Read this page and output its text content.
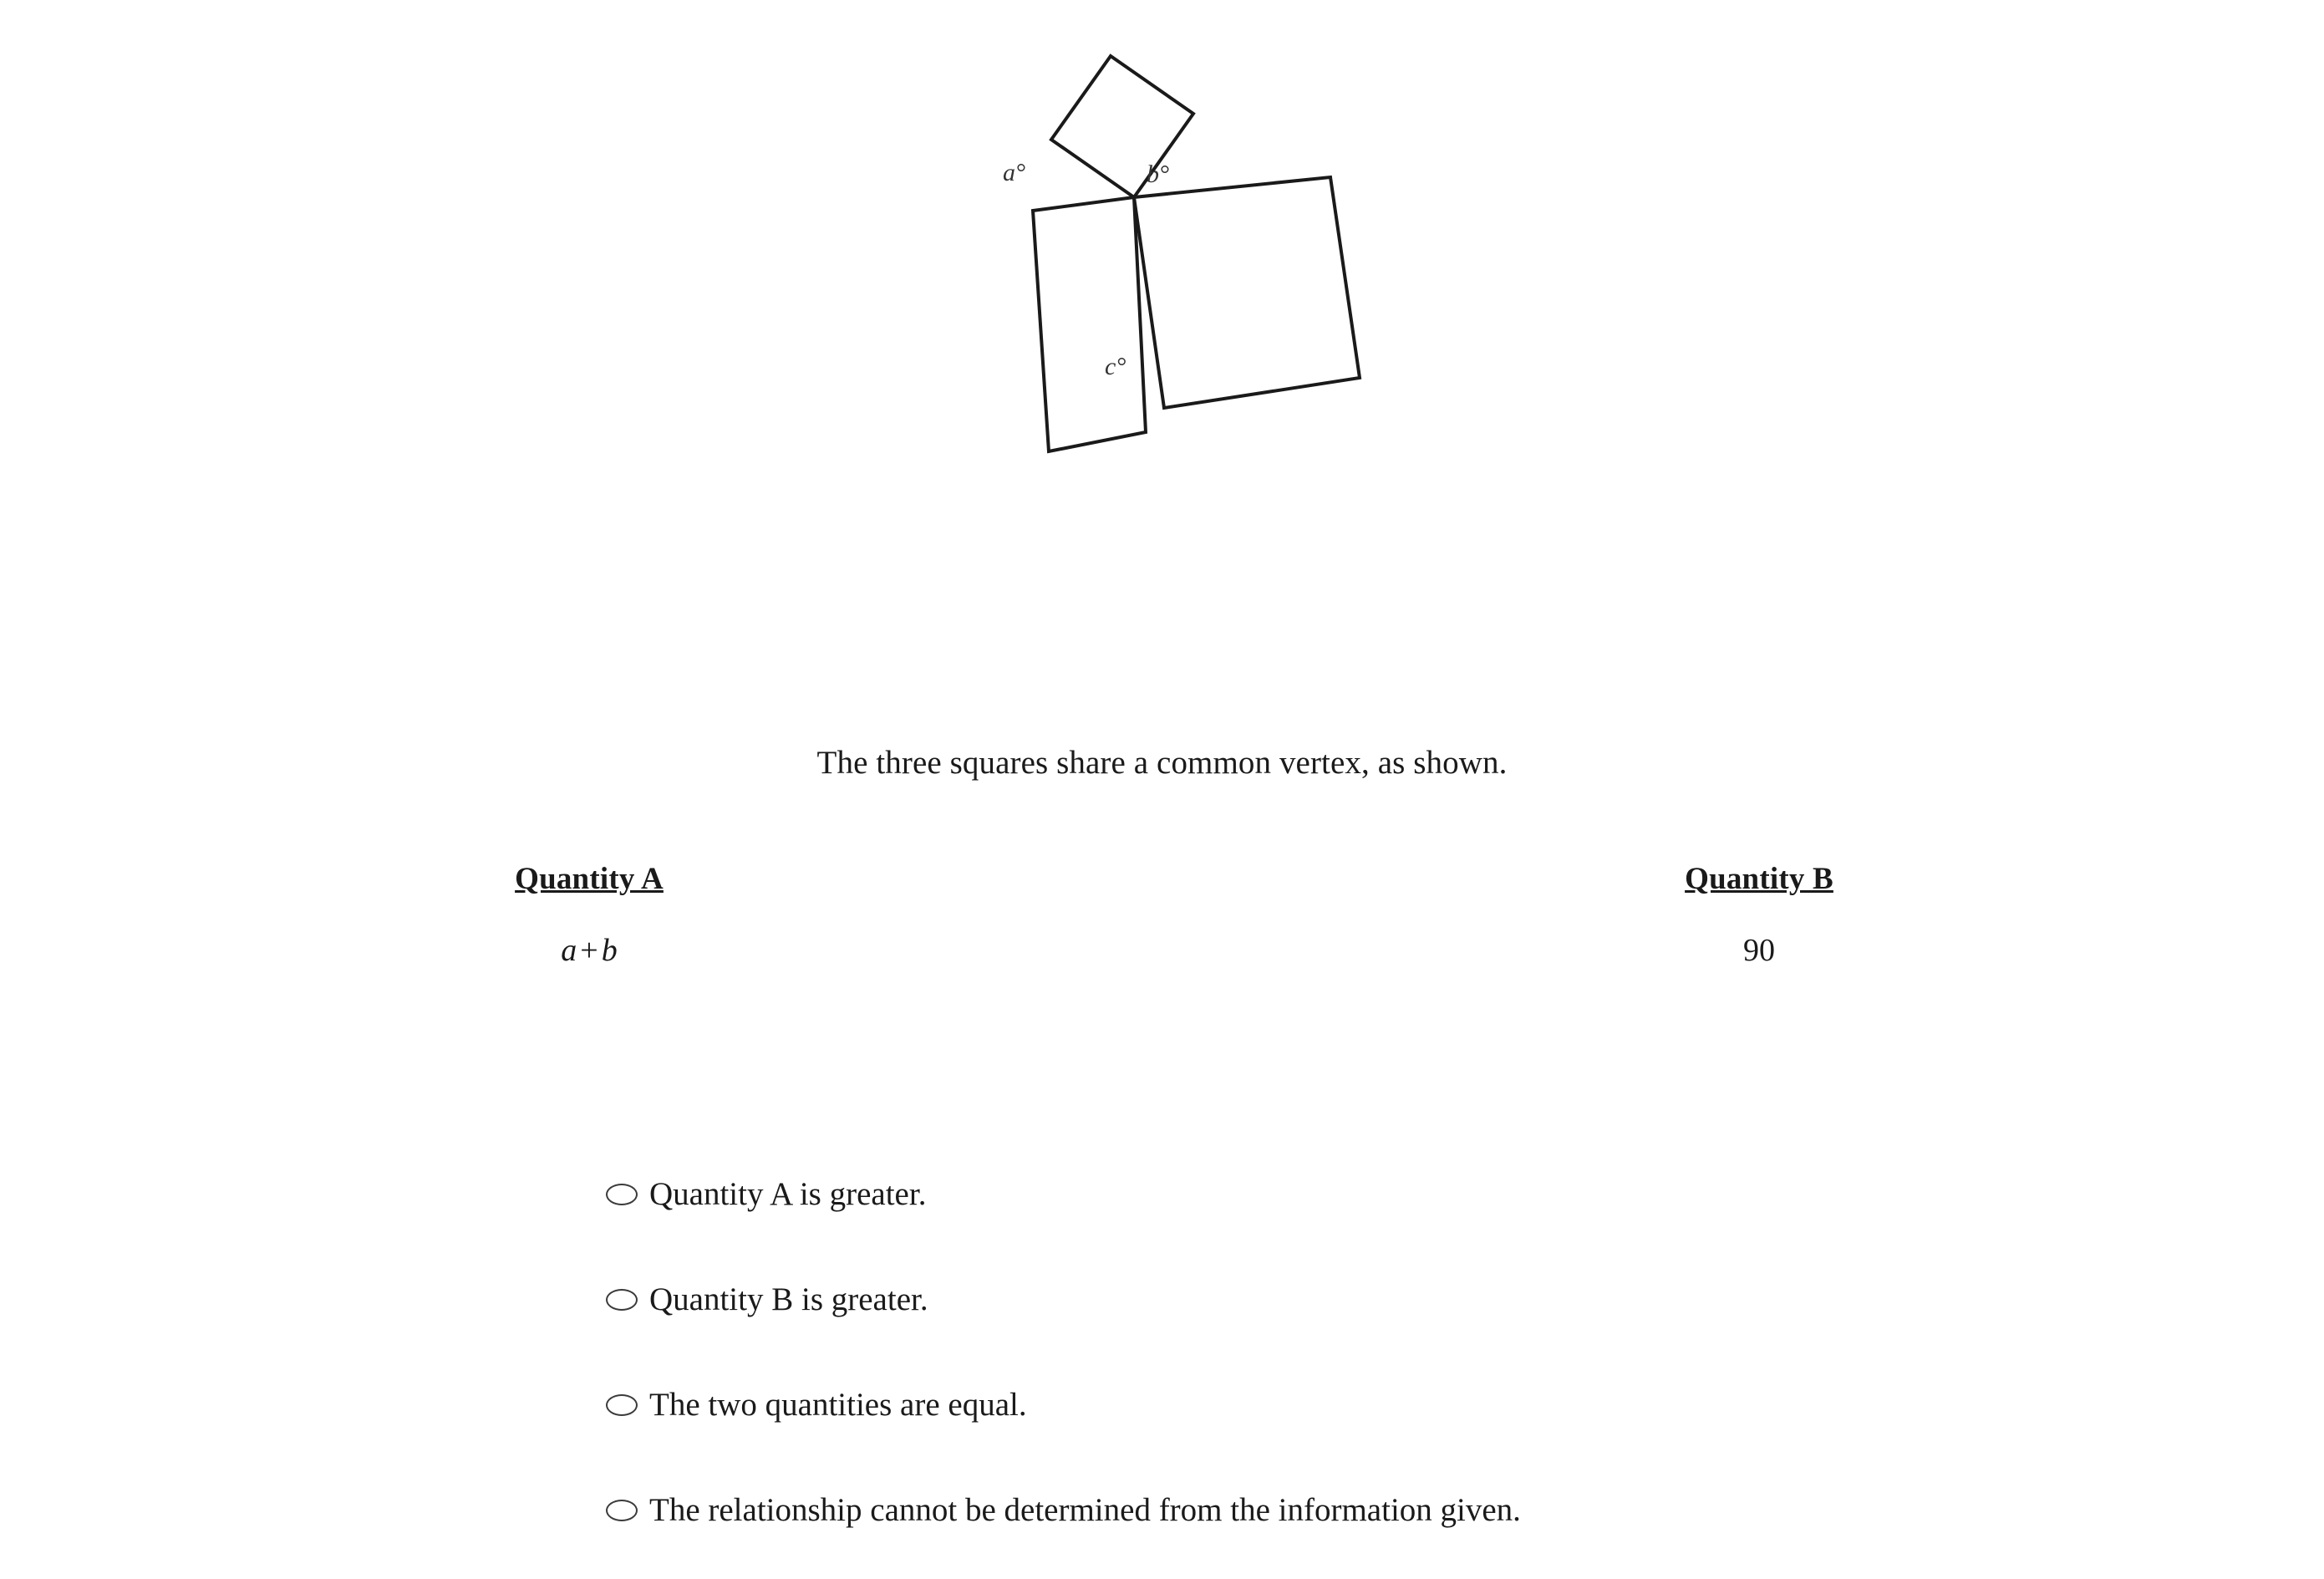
a°	b°
c°
The three squares share a common vertex, as shown.
Quantity A
a + b
Quantity B
90
Quantity A is greater.
Quantity B is greater.
The two quantities are equal.
The relationship cannot be determined from the information given.
